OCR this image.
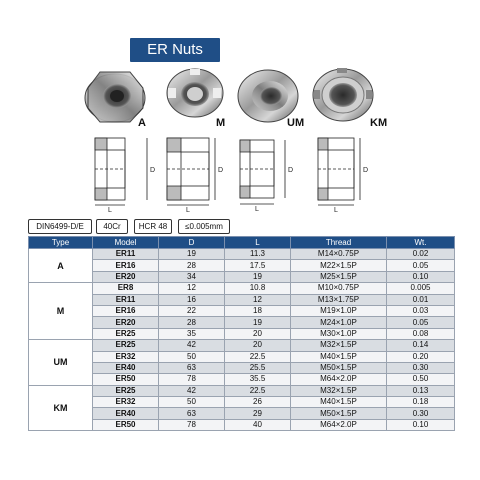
ER Nuts
D
L
D
L
D
L
D
L
A	M	UM	KM
DIN6499-D/E	40Cr	HCR 48	≤0.005mm
Type	Model	D	L	Thread	Wt.
A	ER11	19	11.3	M14×0.75P	0.02
	ER16	28	17.5	M22×1.5P	0.05
	ER20	34	19	M25×1.5P	0.10
M	ER8	12	10.8	M10×0.75P	0.005
	ER11	16	12	M13×1.75P	0.01
	ER16	22	18	M19×1.0P	0.03
	ER20	28	19	M24×1.0P	0.05
	ER25	35	20	M30×1.0P	0.08
UM	ER25	42	20	M32×1.5P	0.14
	ER32	50	22.5	M40×1.5P	0.20
	ER40	63	25.5	M50×1.5P	0.30
	ER50	78	35.5	M64×2.0P	0.50
KM	ER25	42	22.5	M32×1.5P	0.13
	ER32	50	26	M40×1.5P	0.18
	ER40	63	29	M50×1.5P	0.30
	ER50	78	40	M64×2.0P	0.10
